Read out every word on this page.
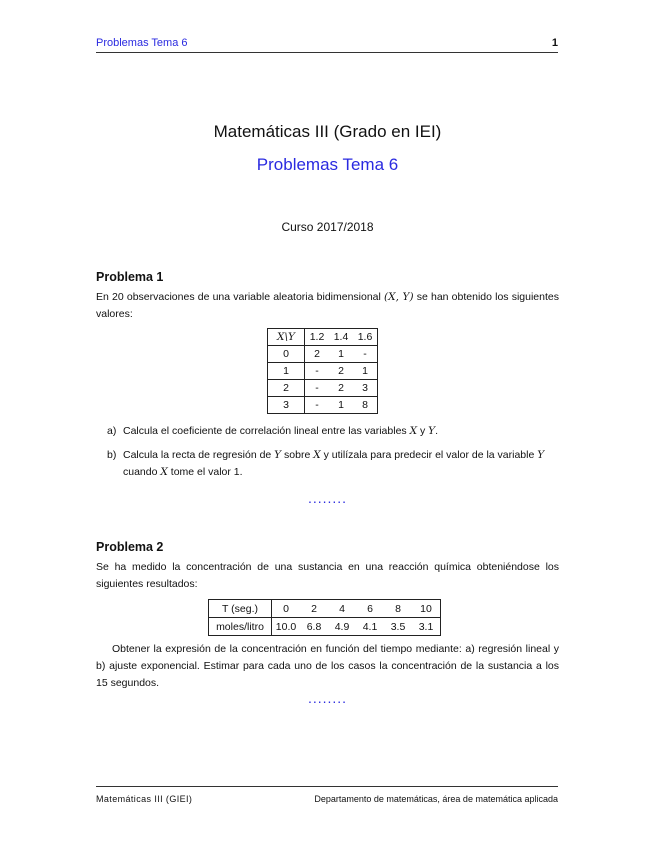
Problemas Tema 6	1
Matemáticas III (Grado en IEI)
Problemas Tema 6
Curso 2017/2018
Problema 1
En 20 observaciones de una variable aleatoria bidimensional (X, Y) se han obtenido los siguientes valores:
X\Y	1.2	1.4	1.6
0	2	1	-
1	-	2	1
2	-	2	3
3	-	1	8
a) Calcula el coeficiente de correlación lineal entre las variables X y Y.
b) Calcula la recta de regresión de Y sobre X y utilízala para predecir el valor de la variable Y cuando X tome el valor 1.
........
Problema 2
Se ha medido la concentración de una sustancia en una reacción química obteniéndose los siguientes resultados:
T (seg.)	0	2	4	6	8	10
moles/litro	10.0	6.8	4.9	4.1	3.5	3.1
Obtener la expresión de la concentración en función del tiempo mediante: a) regresión lineal y b) ajuste exponencial. Estimar para cada uno de los casos la concentración de la sustancia a los 15 segundos.
........
Matemáticas III (GIEI)	Departamento de matemáticas, área de matemática aplicada
